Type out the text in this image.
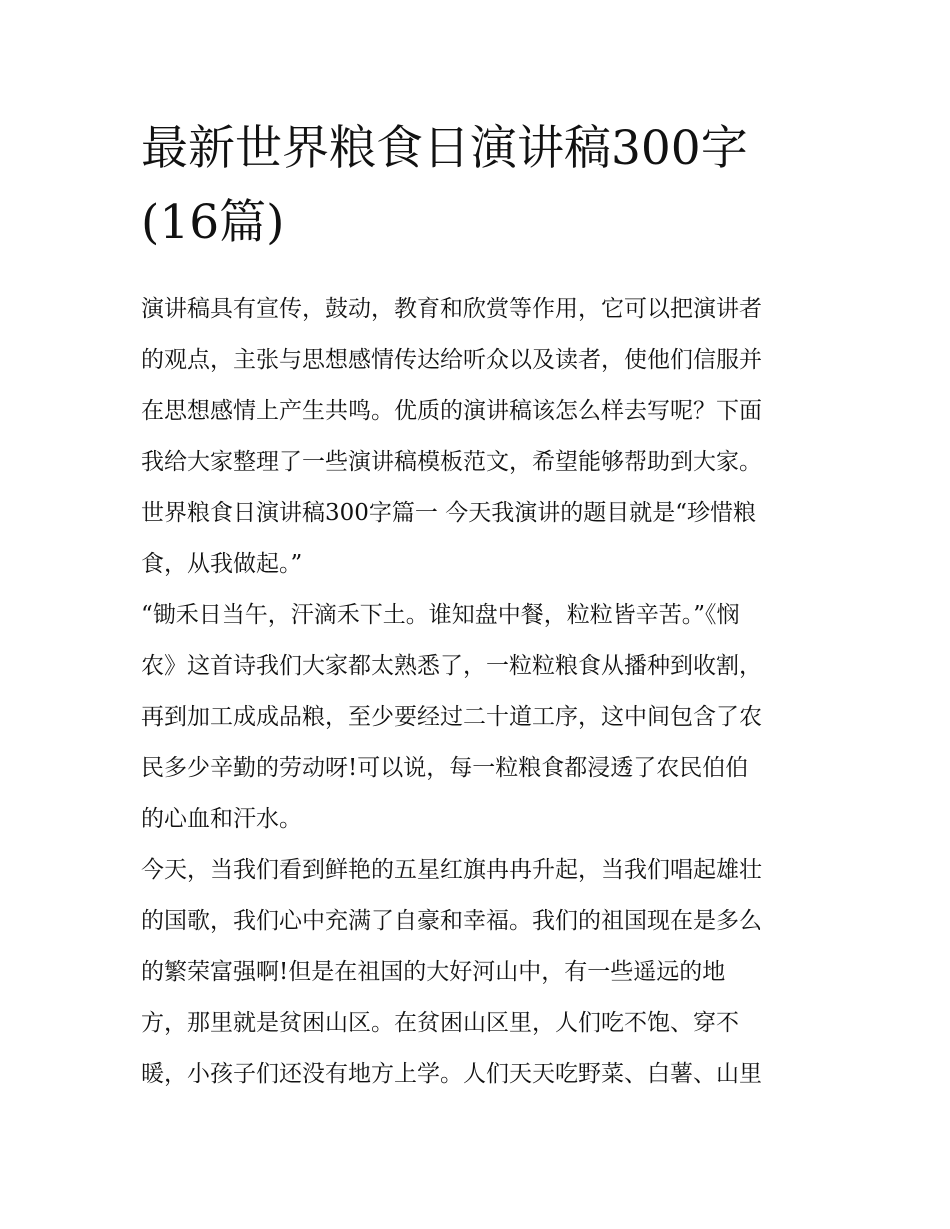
最新世界粮食日演讲稿300字
(16篇)
演讲稿具有宣传，鼓动，教育和欣赏等作用，它可以把演讲者
的观点，主张与思想感情传达给听众以及读者，使他们信服并
在思想感情上产生共鸣。优质的演讲稿该怎么样去写呢？下面
我给大家整理了一些演讲稿模板范文，希望能够帮助到大家。
世界粮食日演讲稿300字篇一 今天我演讲的题目就是“珍惜粮
食，从我做起。”
“锄禾日当午，汗滴禾下土。谁知盘中餐，粒粒皆辛苦。”《悯
农》这首诗我们大家都太熟悉了，一粒粒粮食从播种到收割，
再到加工成成品粮，至少要经过二十道工序，这中间包含了农
民多少辛勤的劳动呀!可以说，每一粒粮食都浸透了农民伯伯
的心血和汗水。
今天，当我们看到鲜艳的五星红旗冉冉升起，当我们唱起雄壮
的国歌，我们心中充满了自豪和幸福。我们的祖国现在是多么
的繁荣富强啊!但是在祖国的大好河山中，有一些遥远的地
方，那里就是贫困山区。在贫困山区里，人们吃不饱、穿不
暖，小孩子们还没有地方上学。人们天天吃野菜、白薯、山里
